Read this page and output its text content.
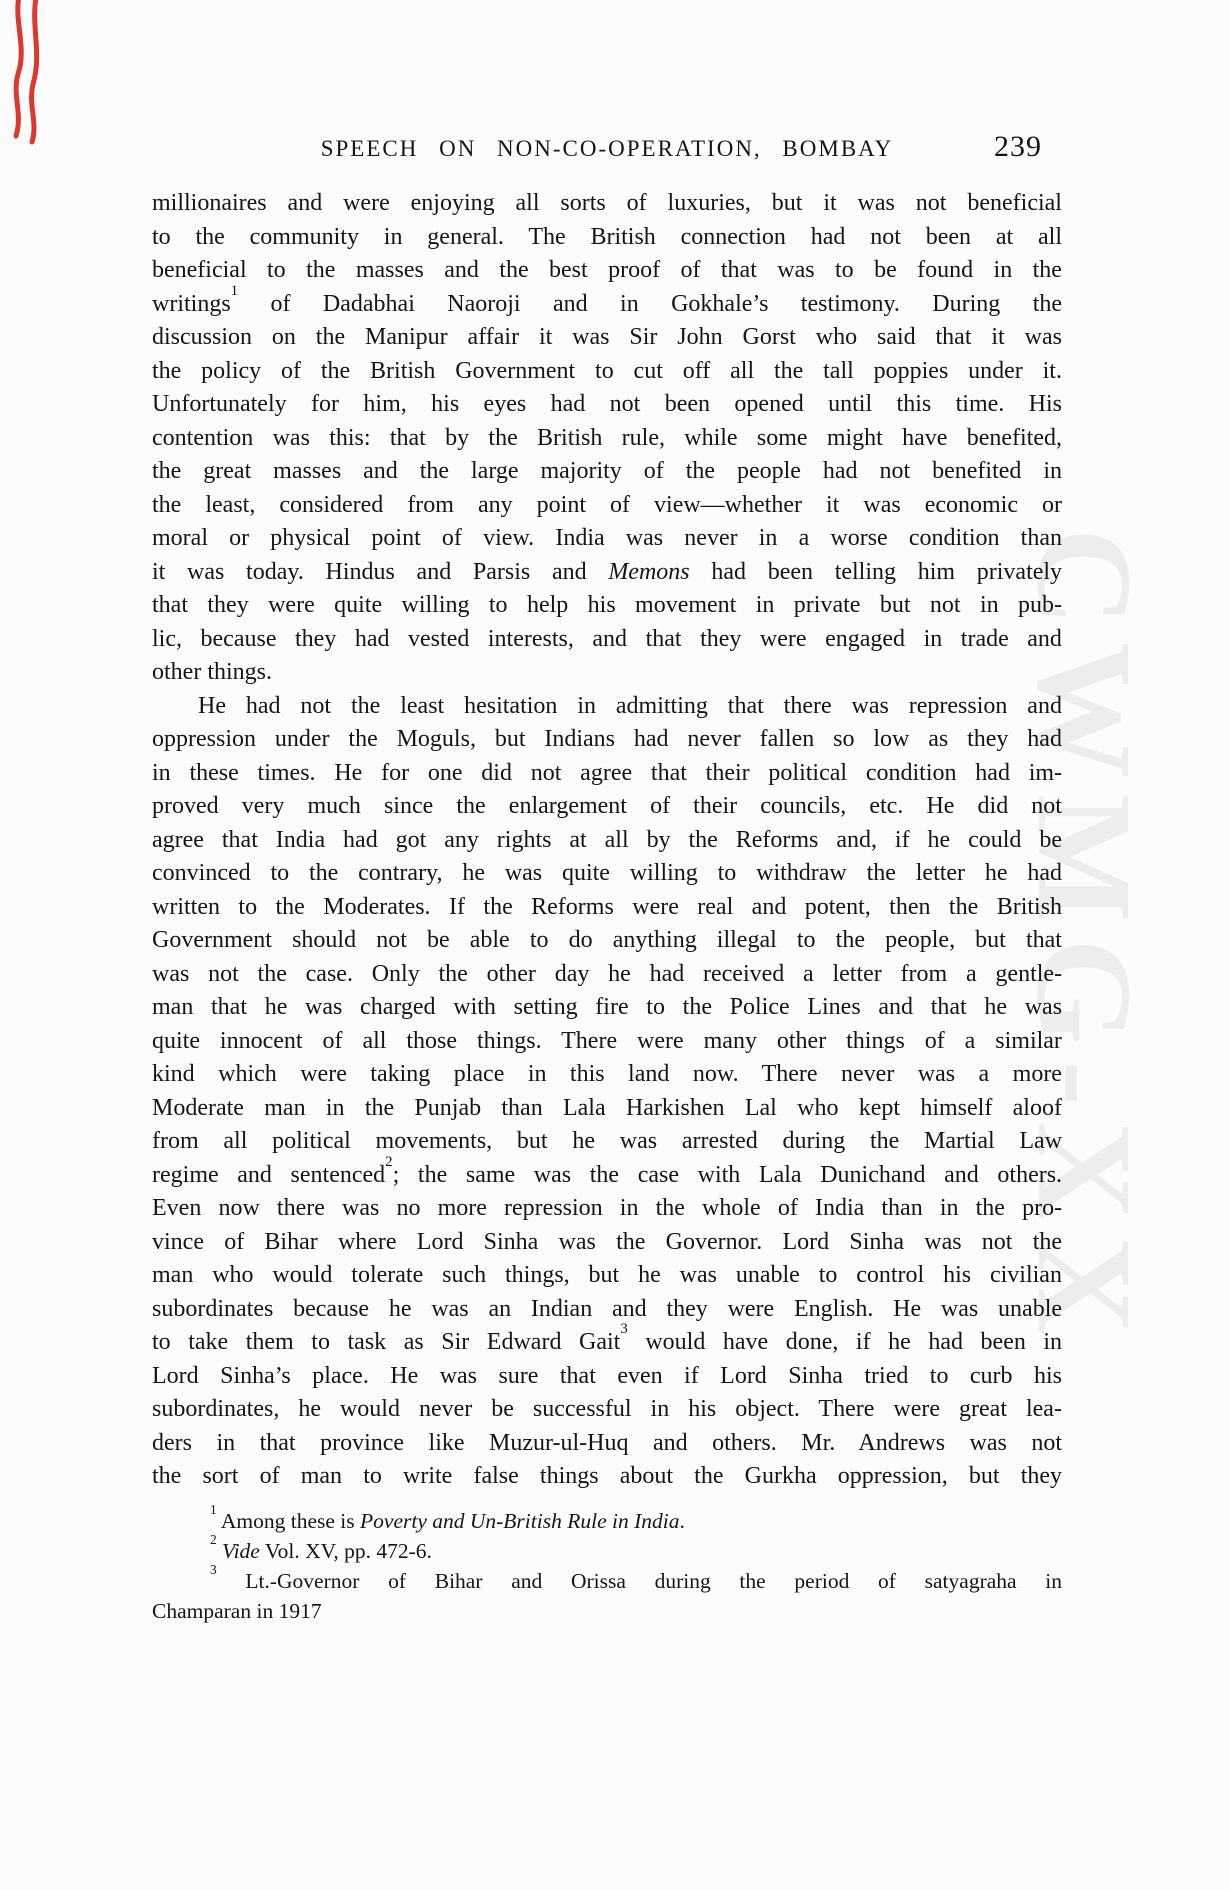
CWMG-XX
SPEECH ON NON-CO-OPERATION, BOMBAY	239
millionaires and were enjoying all sorts of luxuries, but it was not beneficial
to the community in general. The British connection had not been at all
beneficial to the masses and the best proof of that was to be found in the
writings$^1$ of Dadabhai Naoroji and in Gokhale’s testimony. During the
discussion on the Manipur affair it was Sir John Gorst who said that it was
the policy of the British Government to cut off all the tall poppies under it.
Unfortunately for him, his eyes had not been opened until this time. His
contention was this: that by the British rule, while some might have benefited,
the great masses and the large majority of the people had not benefited in
the least, considered from any point of view—whether it was economic or
moral or physical point of view. India was never in a worse condition than
it was today. Hindus and Parsis and Memons had been telling him privately
that they were quite willing to help his movement in private but not in pub-
lic, because they had vested interests, and that they were engaged in trade and
other things.
He had not the least hesitation in admitting that there was repression and
oppression under the Moguls, but Indians had never fallen so low as they had
in these times. He for one did not agree that their political condition had im-
proved very much since the enlargement of their councils, etc. He did not
agree that India had got any rights at all by the Reforms and, if he could be
convinced to the contrary, he was quite willing to withdraw the letter he had
written to the Moderates. If the Reforms were real and potent, then the British
Government should not be able to do anything illegal to the people, but that
was not the case. Only the other day he had received a letter from a gentle-
man that he was charged with setting fire to the Police Lines and that he was
quite innocent of all those things. There were many other things of a similar
kind which were taking place in this land now. There never was a more
Moderate man in the Punjab than Lala Harkishen Lal who kept himself aloof
from all political movements, but he was arrested during the Martial Law
regime and sentenced$^2$; the same was the case with Lala Dunichand and others.
Even now there was no more repression in the whole of India than in the pro-
vince of Bihar where Lord Sinha was the Governor. Lord Sinha was not the
man who would tolerate such things, but he was unable to control his civilian
subordinates because he was an Indian and they were English. He was unable
to take them to task as Sir Edward Gait$^3$ would have done, if he had been in
Lord Sinha’s place. He was sure that even if Lord Sinha tried to curb his
subordinates, he would never be successful in his object. There were great lea-
ders in that province like Muzur-ul-Huq and others. Mr. Andrews was not
the sort of man to write false things about the Gurkha oppression, but they
$^1$ Among these is Poverty and Un-British Rule in India.
$^2$ Vide Vol. XV, pp. 472-6.
$^3$ Lt.-Governor of Bihar and Orissa during the period of satyagraha in
Champaran in 1917
